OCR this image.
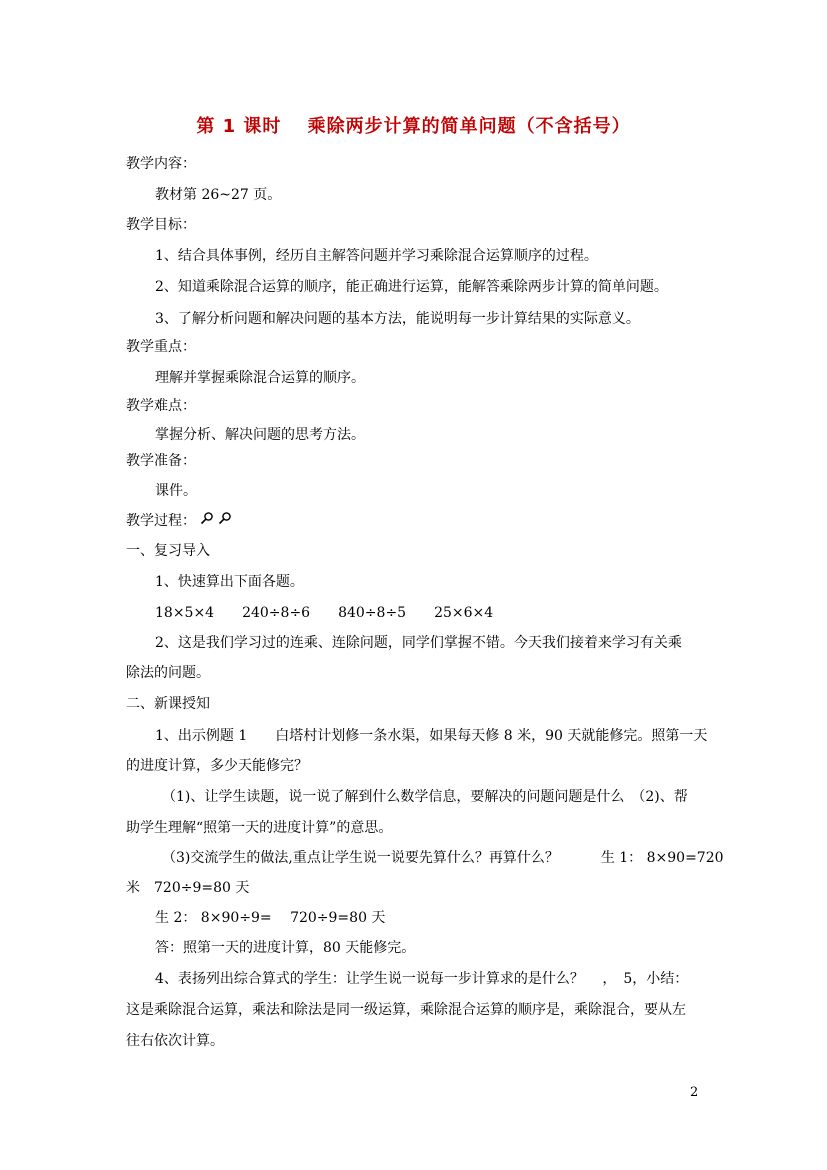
第 1 课时　 乘除两步计算的简单问题（不含括号）
教学内容：
教材第 26~27 页。
教学目标：
1、结合具体事例，经历自主解答问题并学习乘除混合运算顺序的过程。
2、知道乘除混合运算的顺序，能正确进行运算，能解答乘除两步计算的简单问题。
3、了解分析问题和解决问题的基本方法，能说明每一步计算结果的实际意义。
教学重点：
理解并掌握乘除混合运算的顺序。
教学难点：
掌握分析、解决问题的思考方法。
教学准备：
课件。
教学过程：
一、复习导入
1、快速算出下面各题。
18×5×4　　240÷8÷6　　840÷8÷5　　25×6×4
2、这是我们学习过的连乘、连除问题，同学们掌握不错。今天我们接着来学习有关乘
除法的问题。
二、新课授知
1、出示例题 1　　白塔村计划修一条水渠，如果每天修 8 米，90 天就能修完。照第一天
的进度计算，多少天能修完？
（1)、让学生读题，说一说了解到什么数学信息，要解决的问题问题是什么　（2)、帮
助学生理解“照第一天的进度计算”的意思。
（3)交流学生的做法,重点让学生说一说要先算什么？再算什么？　　　生 1： 8×90=720
米　720÷9=80 天
生 2： 8×90÷9=　 720÷9=80 天
答：照第一天的进度计算，80 天能修完。
4、表扬列出综合算式的学生：让学生说一说每一步计算求的是什么？　 ，　5，小结：
这是乘除混合运算，乘法和除法是同一级运算，乘除混合运算的顺序是，乘除混合，要从左
往右依次计算。
2
